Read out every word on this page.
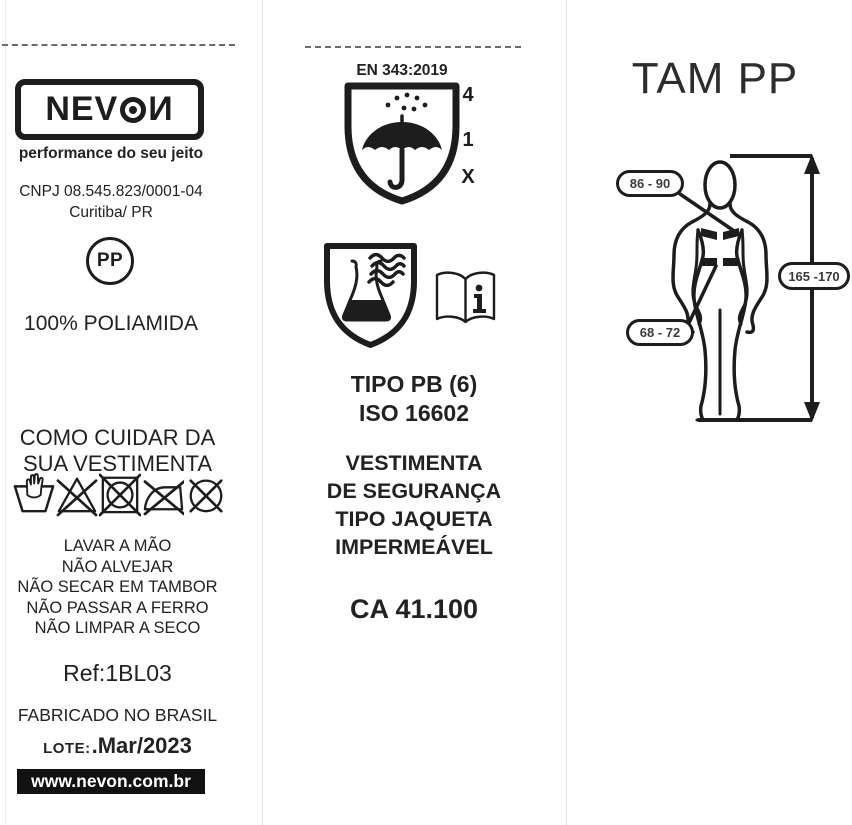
NEV И
performance do seu jeito
CNPJ 08.545.823/0001-04
Curitiba/ PR
PP
100% POLIAMIDA
COMO CUIDAR DA
SUA VESTIMENTA
LAVAR A MÃO
NÃO ALVEJAR
NÃO SECAR EM TAMBOR
NÃO PASSAR A FERRO
NÃO LIMPAR A SECO
Ref:1BL03
FABRICADO NO BRASIL
LOTE: .Mar/2023
www.nevon.com.br
EN 343:2019
4
1
X
TIPO PB (6)
ISO 16602
VESTIMENTA
DE SEGURANÇA
TIPO JAQUETA
IMPERMEÁVEL
CA 41.100
TAM PP
86 - 90
68 - 72
165 -170
